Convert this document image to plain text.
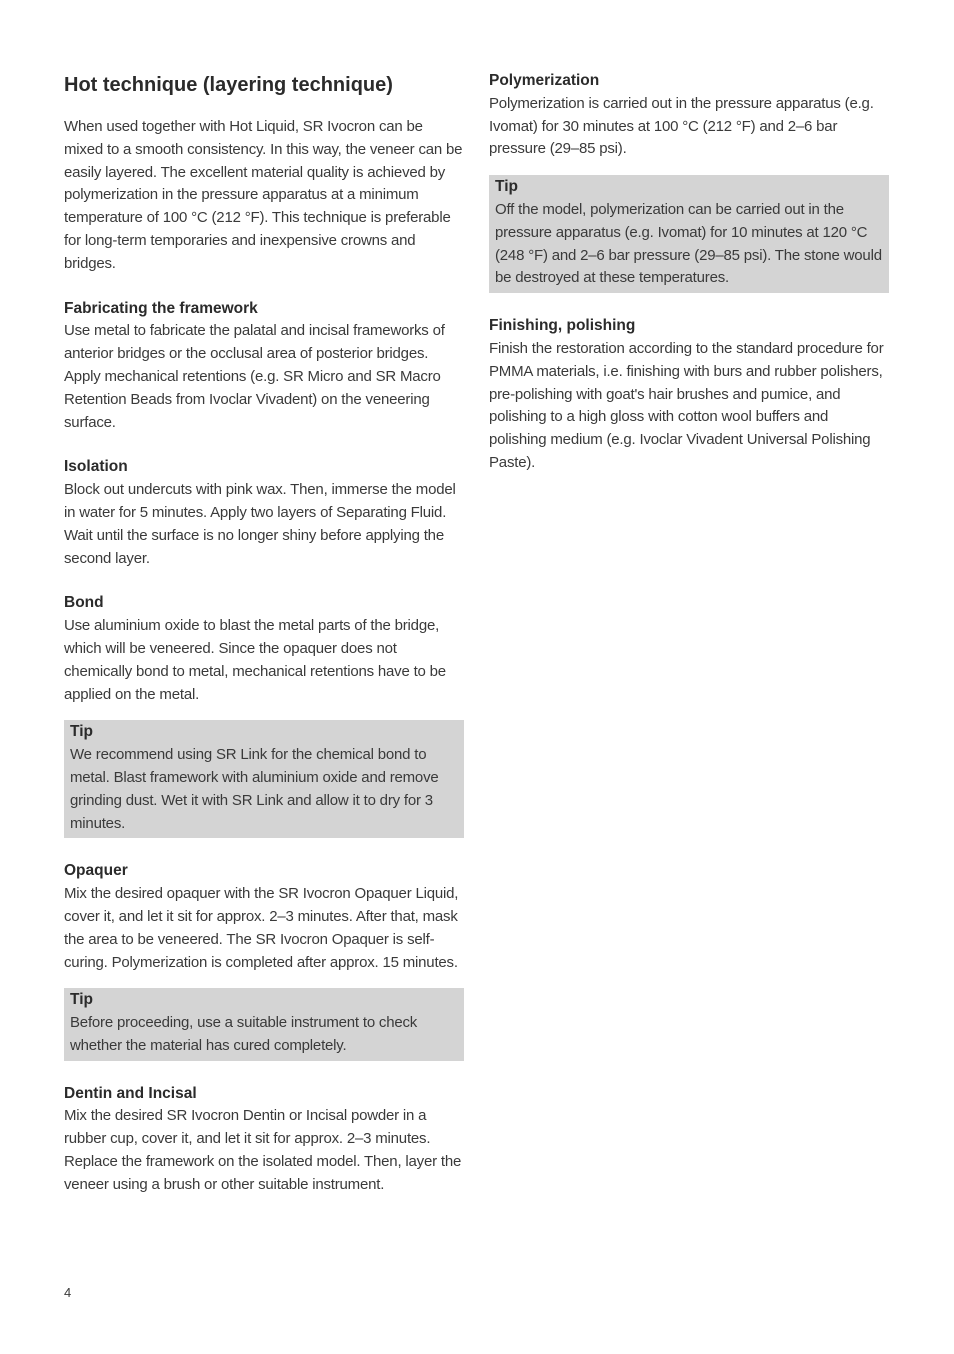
Hot technique (layering technique)

When used together with Hot Liquid, SR Ivocron can be mixed to a smooth consistency. In this way, the veneer can be easily layered. The excellent material quality is achieved by polymerization in the pressure apparatus at a minimum temperature of 100 °C (212 °F). This technique is preferable for long-term temporaries and inexpensive crowns and bridges.

Fabricating the framework

Use metal to fabricate the palatal and incisal frameworks of anterior bridges or the occlusal area of posterior bridges. Apply mechanical retentions (e.g. SR Micro and SR Macro Retention Beads from Ivoclar Vivadent) on the veneering surface.

Isolation

Block out undercuts with pink wax. Then, immerse the model in water for 5 minutes. Apply two layers of Separating Fluid. Wait until the surface is no longer shiny before applying the second layer.

Bond

Use aluminium oxide to blast the metal parts of the bridge, which will be veneered. Since the opaquer does not chemically bond to metal, mechanical retentions have to be applied on the metal.

Tip

We recommend using SR Link for the chemical bond to metal. Blast framework with aluminium oxide and remove grinding dust. Wet it with SR Link and allow it to dry for 3 minutes.

Opaquer

Mix the desired opaquer with the SR Ivocron Opaquer Liquid, cover it, and let it sit for approx. 2–3 minutes. After that, mask the area to be veneered. The SR Ivocron Opaquer is self-curing. Polymerization is completed after approx. 15 minutes.

Tip

Before proceeding, use a suitable instrument to check whether the material has cured completely.

Dentin and Incisal

Mix the desired SR Ivocron Dentin or Incisal powder in a rubber cup, cover it, and let it sit for approx. 2–3 minutes. Replace the framework on the isolated model. Then, layer the veneer using a brush or other suitable instrument.

Polymerization

Polymerization is carried out in the pressure apparatus (e.g. Ivomat) for 30 minutes at 100 °C (212 °F) and 2–6 bar pressure (29–85 psi).

Tip

Off the model, polymerization can be carried out in the pressure apparatus (e.g. Ivomat) for 10 minutes at 120 °C (248 °F) and 2–6 bar pressure (29–85 psi). The stone would be destroyed at these temperatures.

Finishing, polishing

Finish the restoration according to the standard procedure for PMMA materials, i.e. finishing with burs and rubber polishers, pre-polishing with goat's hair brushes and pumice, and polishing to a high gloss with cotton wool buffers and polishing medium (e.g. Ivoclar Vivadent Universal Polishing Paste).

4
